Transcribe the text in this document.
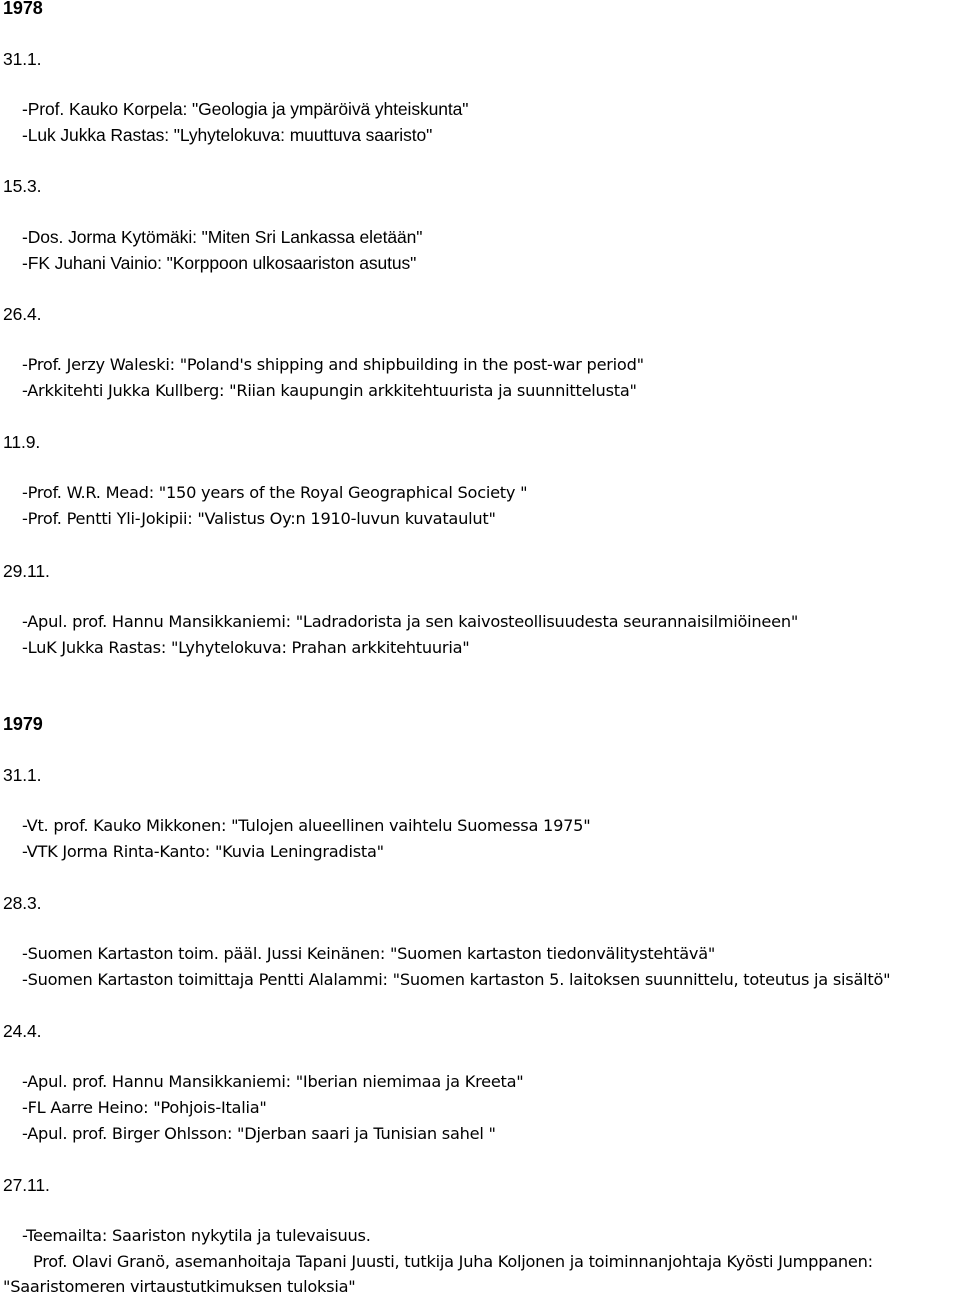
1978
31.1.
-Prof. Kauko Korpela: "Geologia ja ympäröivä yhteiskunta"
-Luk Jukka Rastas: "Lyhytelokuva: muuttuva saaristo"
15.3.
-Dos. Jorma Kytömäki: "Miten Sri Lankassa eletään"
-FK Juhani Vainio: "Korppoon ulkosaariston asutus"
26.4.
-Prof. Jerzy Waleski: "Poland's shipping and shipbuilding in the post-war period"
-Arkkitehti Jukka Kullberg: "Riian kaupungin arkkitehtuurista ja suunnittelusta"
11.9.
-Prof. W.R. Mead: "150 years of the Royal Geographical Society "
-Prof. Pentti Yli-Jokipii: "Valistus Oy:n 1910-luvun kuvataulut"
29.11.
-Apul. prof. Hannu Mansikkaniemi: "Ladradorista ja sen kaivosteollisuudesta seurannaisilmiöineen"
-LuK Jukka Rastas: "Lyhytelokuva: Prahan arkkitehtuuria"
1979
31.1.
-Vt. prof. Kauko Mikkonen: "Tulojen alueellinen vaihtelu Suomessa 1975"
-VTK Jorma Rinta-Kanto: "Kuvia Leningradista"
28.3.
-Suomen Kartaston toim. pääl. Jussi Keinänen: "Suomen kartaston tiedonvälitystehtävä"
-Suomen Kartaston toimittaja Pentti Alalammi: "Suomen kartaston 5. laitoksen suunnittelu, toteutus ja sisältö"
24.4.
-Apul. prof. Hannu Mansikkaniemi: "Iberian niemimaa ja Kreeta"
-FL Aarre Heino: "Pohjois-Italia"
-Apul. prof. Birger Ohlsson: "Djerban saari ja Tunisian sahel "
27.11.
-Teemailta: Saariston nykytila ja tulevaisuus.
Prof. Olavi Granö, asemanhoitaja Tapani Juusti, tutkija Juha Koljonen ja toiminnanjohtaja Kyösti Jumppanen:
"Saaristomeren virtaustutkimuksen tuloksia"
